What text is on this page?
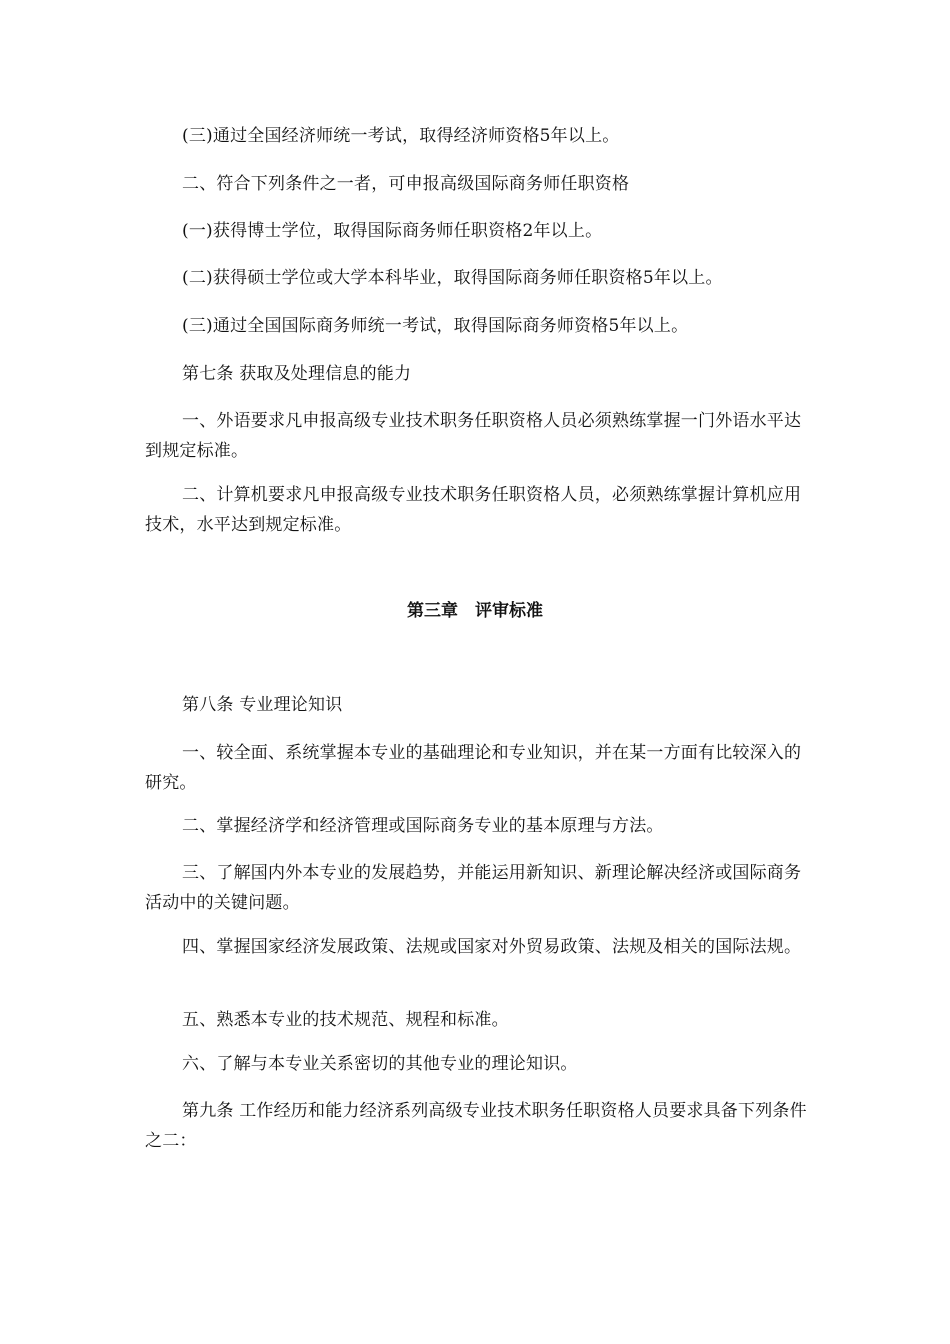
(三)通过全国经济师统一考试，取得经济师资格5年以上。

二、符合下列条件之一者，可申报高级国际商务师任职资格

(一)获得博士学位，取得国际商务师任职资格2年以上。

(二)获得硕士学位或大学本科毕业，取得国际商务师任职资格5年以上。

(三)通过全国国际商务师统一考试，取得国际商务师资格5年以上。

第七条 获取及处理信息的能力

一、外语要求凡申报高级专业技术职务任职资格人员必须熟练掌握一门外语水平达到规定标准。

二、计算机要求凡申报高级专业技术职务任职资格人员，必须熟练掌握计算机应用技术，水平达到规定标准。

第三章　评审标准

第八条 专业理论知识

一、较全面、系统掌握本专业的基础理论和专业知识，并在某一方面有比较深入的研究。

二、掌握经济学和经济管理或国际商务专业的基本原理与方法。

三、了解国内外本专业的发展趋势，并能运用新知识、新理论解决经济或国际商务活动中的关键问题。

四、掌握国家经济发展政策、法规或国家对外贸易政策、法规及相关的国际法规。

五、熟悉本专业的技术规范、规程和标准。

六、了解与本专业关系密切的其他专业的理论知识。

第九条 工作经历和能力经济系列高级专业技术职务任职资格人员要求具备下列条件之二：
